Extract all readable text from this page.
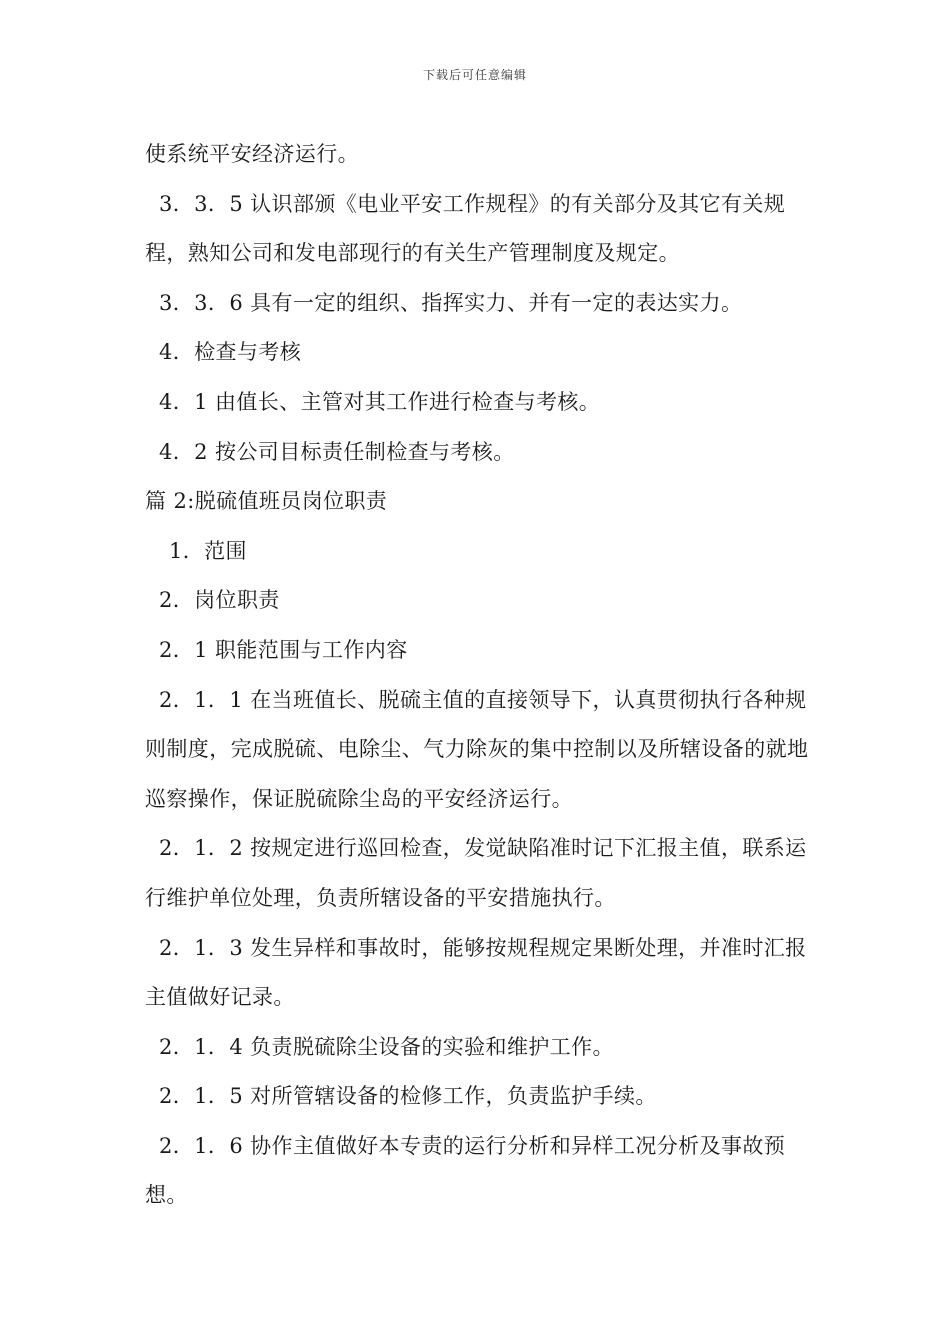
下载后可任意编辑

使系统平安经济运行。

3．3．5 认识部颁《电业平安工作规程》的有关部分及其它有关规程，熟知公司和发电部现行的有关生产管理制度及规定。

3．3．6 具有一定的组织、指挥实力、并有一定的表达实力。

4．检查与考核

4．1 由值长、主管对其工作进行检查与考核。

4．2 按公司目标责任制检查与考核。

篇 2:脱硫值班员岗位职责

1．范围

2．岗位职责

2．1 职能范围与工作内容

2．1．1 在当班值长、脱硫主值的直接领导下，认真贯彻执行各种规则制度，完成脱硫、电除尘、气力除灰的集中控制以及所辖设备的就地巡察操作，保证脱硫除尘岛的平安经济运行。

2．1．2 按规定进行巡回检查，发觉缺陷准时记下汇报主值，联系运行维护单位处理，负责所辖设备的平安措施执行。

2．1．3 发生异样和事故时，能够按规程规定果断处理，并准时汇报主值做好记录。

2．1．4 负责脱硫除尘设备的实验和维护工作。

2．1．5 对所管辖设备的检修工作，负责监护手续。

2．1．6 协作主值做好本专责的运行分析和异样工况分析及事故预想。
